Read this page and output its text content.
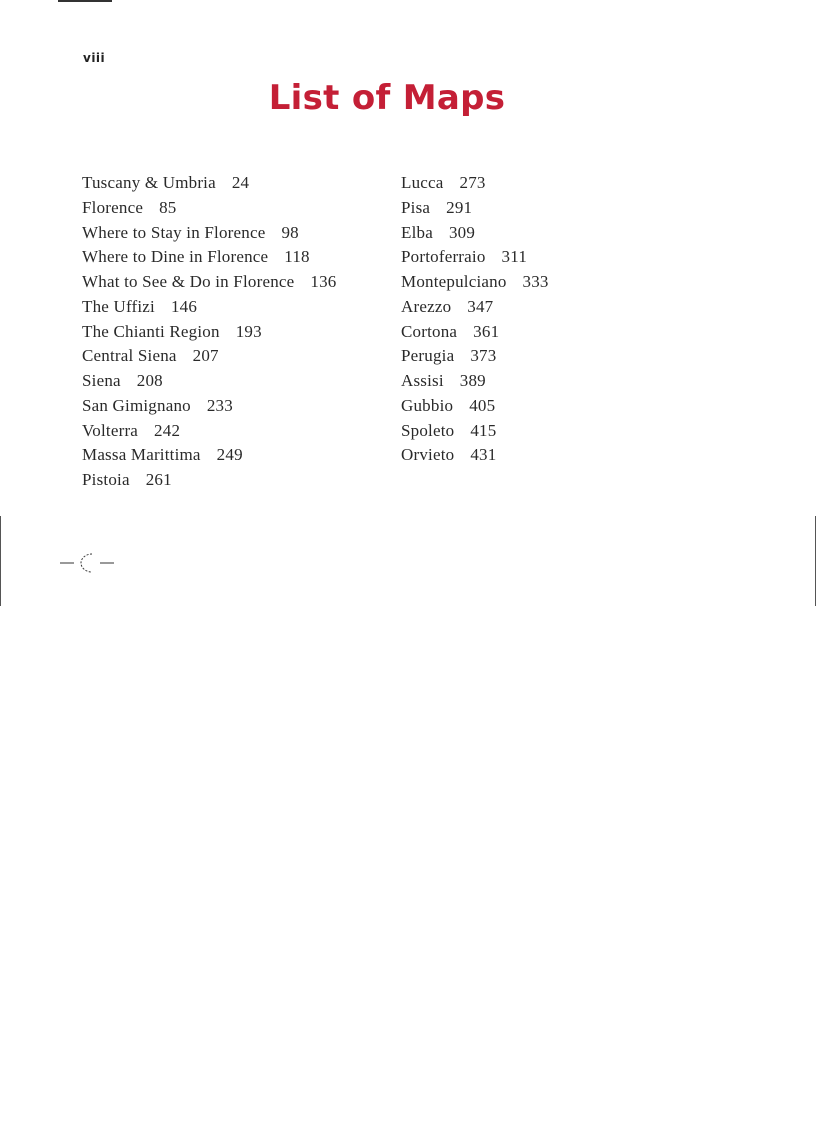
viii
List of Maps
Tuscany & Umbria 24
Florence 85
Where to Stay in Florence 98
Where to Dine in Florence 118
What to See & Do in Florence 136
The Uffizi 146
The Chianti Region 193
Central Siena 207
Siena 208
San Gimignano 233
Volterra 242
Massa Marittima 249
Pistoia 261
Lucca 273
Pisa 291
Elba 309
Portoferraio 311
Montepulciano 333
Arezzo 347
Cortona 361
Perugia 373
Assisi 389
Gubbio 405
Spoleto 415
Orvieto 431
